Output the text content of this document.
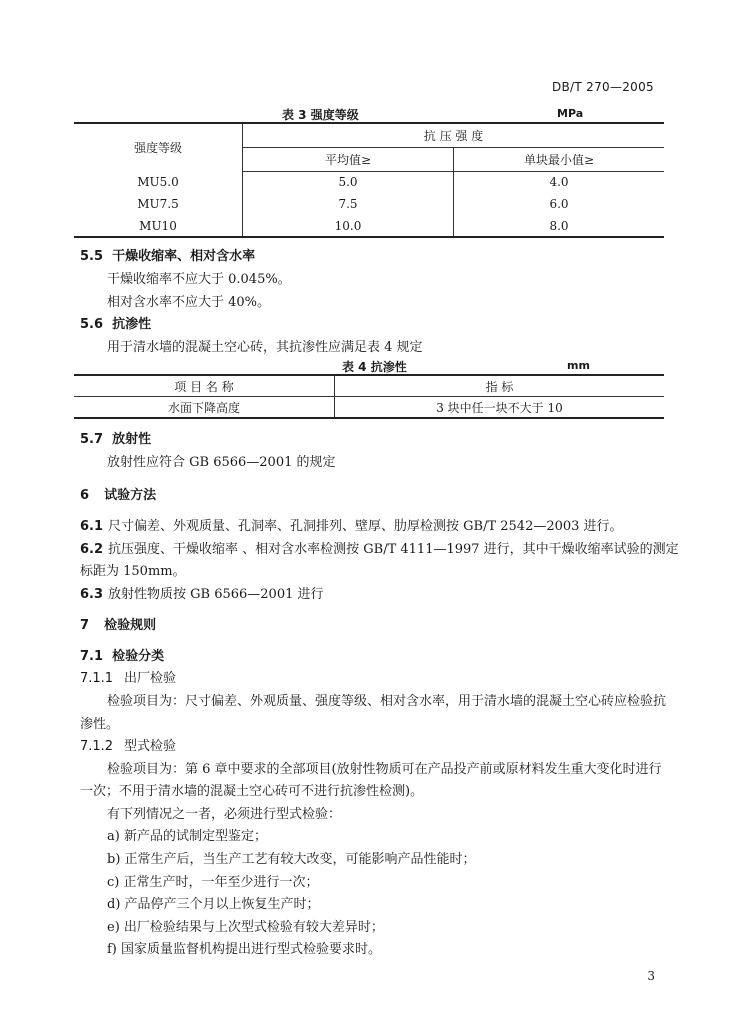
DB/T 270—2005
表 3 强度等级	MPa
强度等级	抗 压 强 度	
	平均值≥	单块最小值≥
MU5.0	5.0	4.0
MU7.5	7.5	6.0
MU10	10.0	8.0
5.5 干燥收缩率、相对含水率
干燥收缩率不应大于 0.045%。
相对含水率不应大于 40%。
5.6 抗渗性
用于清水墙的混凝土空心砖，其抗渗性应满足表 4 规定
表 4 抗渗性	mm
项 目 名 称	指 标
水面下降高度	3 块中任一块不大于 10
5.7 放射性
放射性应符合 GB 6566—2001 的规定
6 试验方法
6.1 尺寸偏差、外观质量、孔洞率、孔洞排列、壁厚、肋厚检测按 GB/T 2542—2003 进行。
6.2 抗压强度、干燥收缩率 、相对含水率检测按 GB/T 4111—1997 进行，其中干燥收缩率试验的测定
标距为 150mm。
6.3 放射性物质按 GB 6566—2001 进行
7 检验规则
7.1 检验分类
7.1.1 出厂检验
检验项目为：尺寸偏差、外观质量、强度等级、相对含水率，用于清水墙的混凝土空心砖应检验抗
渗性。
7.1.2 型式检验
检验项目为：第 6 章中要求的全部项目(放射性物质可在产品投产前或原材料发生重大变化时进行
一次；不用于清水墙的混凝土空心砖可不进行抗渗性检测)。
有下列情况之一者，必须进行型式检验：
a) 新产品的试制定型鉴定；
b) 正常生产后，当生产工艺有较大改变，可能影响产品性能时；
c) 正常生产时，一年至少进行一次；
d) 产品停产三个月以上恢复生产时；
e) 出厂检验结果与上次型式检验有较大差异时；
f) 国家质量监督机构提出进行型式检验要求时。
3
